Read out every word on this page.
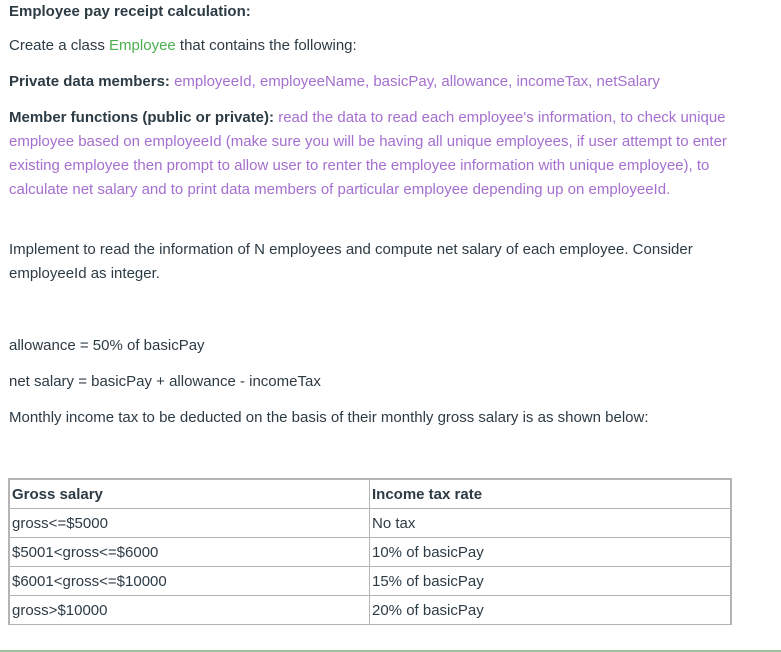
Employee pay receipt calculation:

Create a class Employee that contains the following:

Private data members: employeeId, employeeName, basicPay, allowance, incomeTax, netSalary

Member functions (public or private): read the data to read each employee's information, to check unique employee based on employeeId (make sure you will be having all unique employees, if user attempt to enter existing employee then prompt to allow user to renter the employee information with unique employee), to calculate net salary and to print data members of particular employee depending up on employeeId.

Implement to read the information of N employees and compute net salary of each employee. Consider employeeId as integer.

allowance = 50% of basicPay

net salary = basicPay + allowance - incomeTax

Monthly income tax to be deducted on the basis of their monthly gross salary is as shown below:

Gross salary	Income tax rate
gross<=$5000	No tax
$5001<gross<=$6000	10% of basicPay
$6001<gross<=$10000	15% of basicPay
gross>$10000	20% of basicPay
